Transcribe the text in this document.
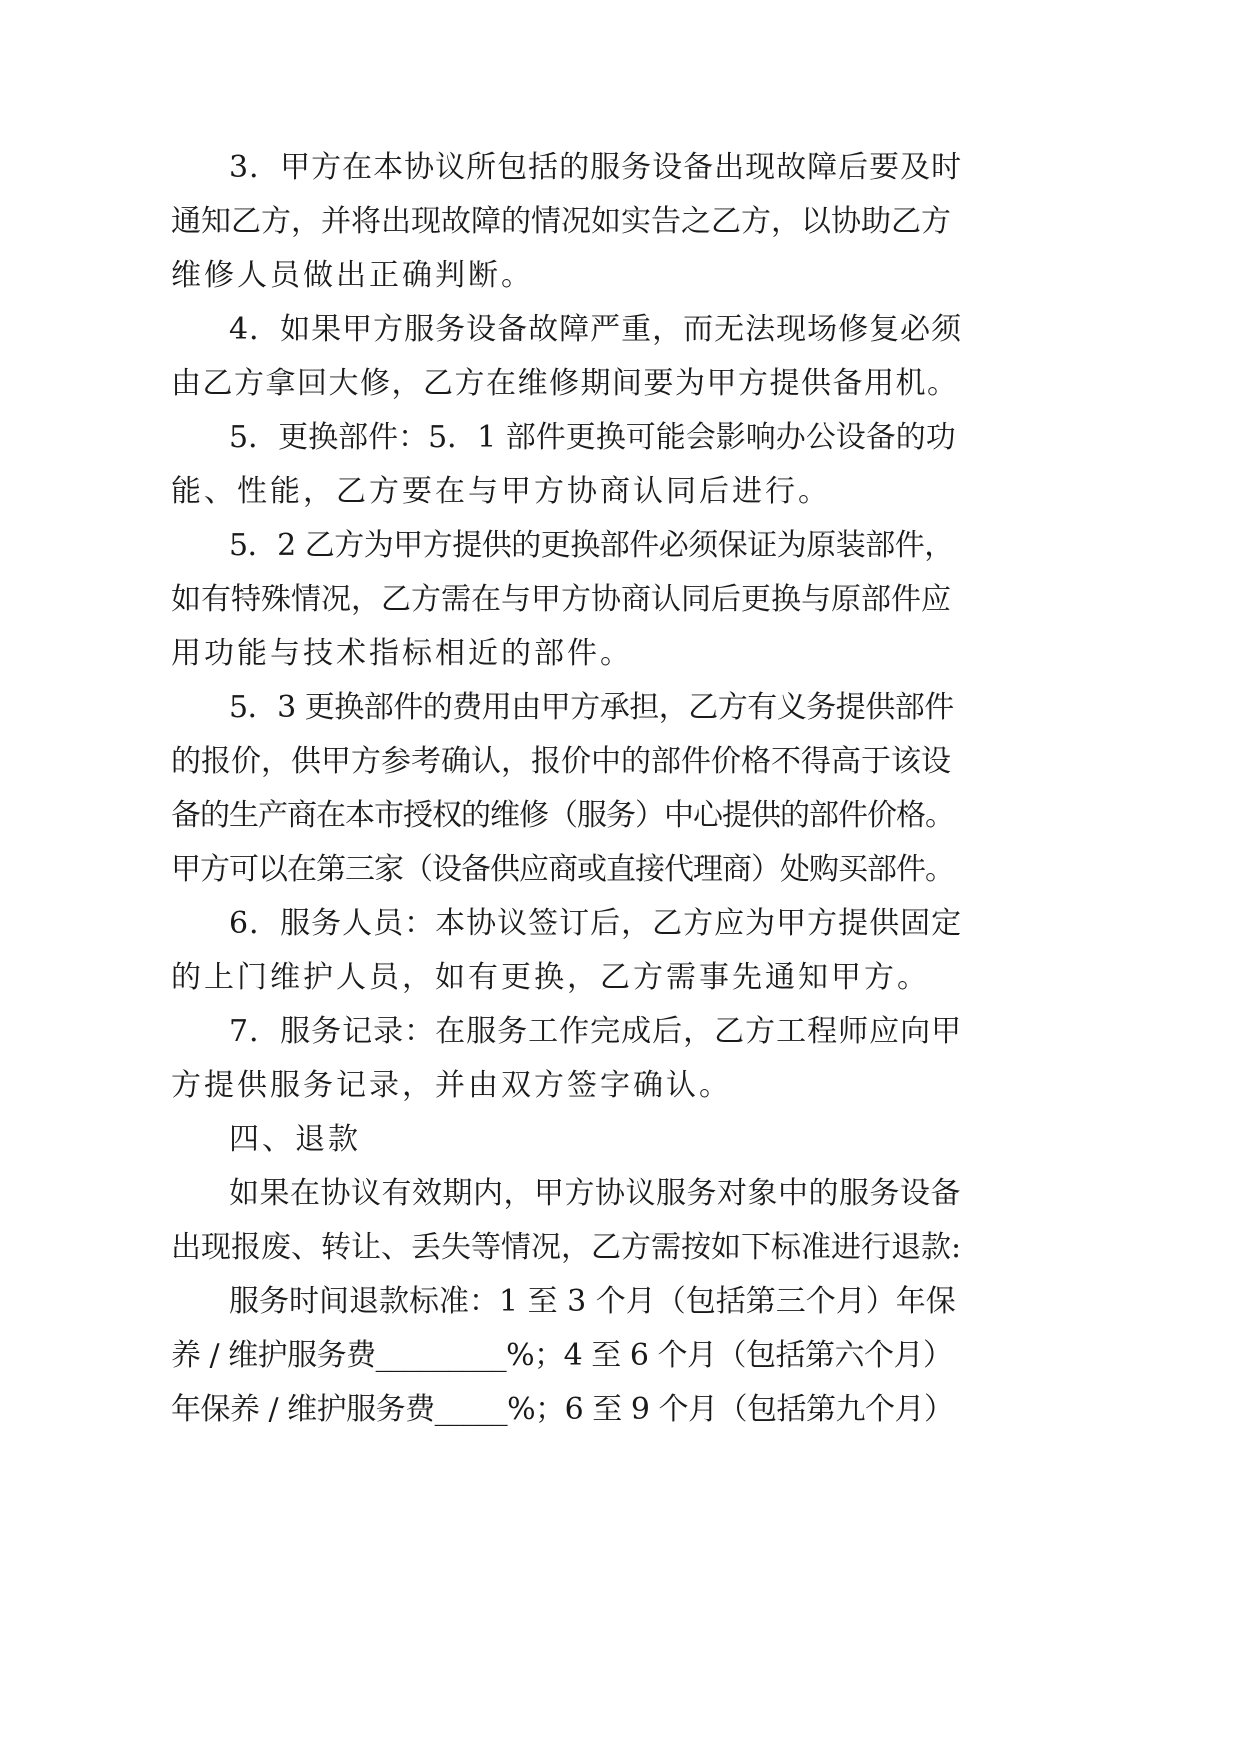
3．甲方在本协议所包括的服务设备出现故障后要及时
通知乙方，并将出现故障的情况如实告之乙方，以协助乙方
维修人员做出正确判断。
4．如果甲方服务设备故障严重，而无法现场修复必须
由乙方拿回大修，乙方在维修期间要为甲方提供备用机。
5．更换部件：5．1 部件更换可能会影响办公设备的功
能、性能，乙方要在与甲方协商认同后进行。
5．2 乙方为甲方提供的更换部件必须保证为原装部件，
如有特殊情况，乙方需在与甲方协商认同后更换与原部件应
用功能与技术指标相近的部件。
5．3 更换部件的费用由甲方承担，乙方有义务提供部件
的报价，供甲方参考确认，报价中的部件价格不得高于该设
备的生产商在本市授权的维修（服务）中心提供的部件价格。
甲方可以在第三家（设备供应商或直接代理商）处购买部件。
6．服务人员：本协议签订后，乙方应为甲方提供固定
的上门维护人员，如有更换，乙方需事先通知甲方。
7．服务记录：在服务工作完成后，乙方工程师应向甲
方提供服务记录，并由双方签字确认。
四、退款
如果在协议有效期内，甲方协议服务对象中的服务设备
出现报废、转让、丢失等情况，乙方需按如下标准进行退款:
服务时间退款标准：1 至 3 个月（包括第三个月）年保
养 / 维护服务费_________%；4 至 6 个月（包括第六个月）
年保养 / 维护服务费_____%；6 至 9 个月（包括第九个月）
